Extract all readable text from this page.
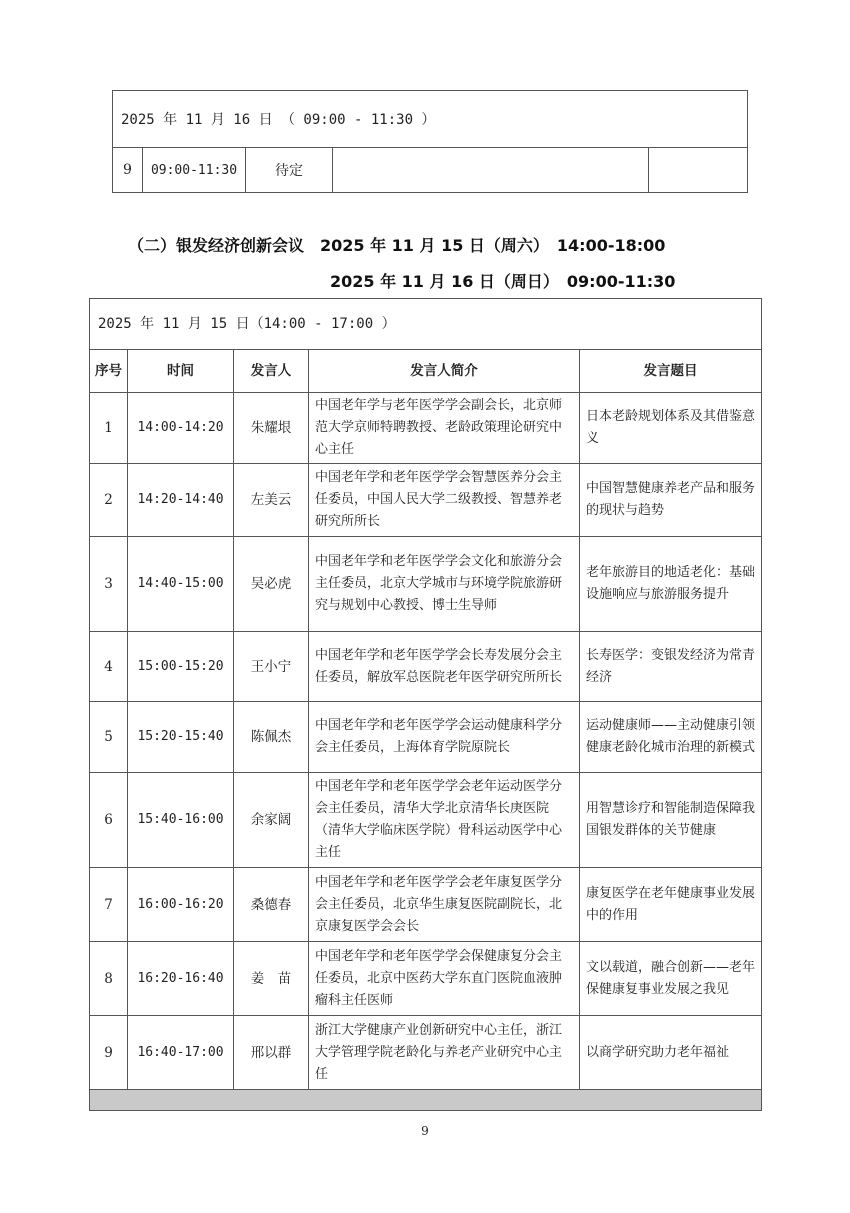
2025 年 11 月 16 日 （ 09:00 - 11:30 ）
9	09:00-11:30	待定		
（二）银发经济创新会议　2025 年 11 月 15 日（周六）　14:00-18:00
2025 年 11 月 16 日（周日）　09:00-11:30
2025 年 11 月 15 日（14:00 - 17:00 ）				
序号	时间	发言人	发言人简介	发言题目
1	14:00-14:20	朱耀垠	中国老年学与老年医学学会副会长，北京师范大学京师特聘教授、老龄政策理论研究中心主任	日本老龄规划体系及其借鉴意义
2	14:20-14:40	左美云	中国老年学和老年医学学会智慧医养分会主任委员，中国人民大学二级教授、智慧养老研究所所长	中国智慧健康养老产品和服务的现状与趋势
3	14:40-15:00	吴必虎	中国老年学和老年医学学会文化和旅游分会主任委员，北京大学城市与环境学院旅游研究与规划中心教授、博士生导师	老年旅游目的地适老化：基础设施响应与旅游服务提升
4	15:00-15:20	王小宁	中国老年学和老年医学学会长寿发展分会主任委员，解放军总医院老年医学研究所所长	长寿医学：变银发经济为常青经济
5	15:20-15:40	陈佩杰	中国老年学和老年医学学会运动健康科学分会主任委员，上海体育学院原院长	运动健康师——主动健康引领健康老龄化城市治理的新模式
6	15:40-16:00	余家阔	中国老年学和老年医学学会老年运动医学分会主任委员，清华大学北京清华长庚医院（清华大学临床医学院）骨科运动医学中心主任	用智慧诊疗和智能制造保障我国银发群体的关节健康
7	16:00-16:20	桑德春	中国老年学和老年医学学会老年康复医学分会主任委员，北京华生康复医院副院长，北京康复医学会会长	康复医学在老年健康事业发展中的作用
8	16:20-16:40	姜　苗	中国老年学和老年医学学会保健康复分会主任委员，北京中医药大学东直门医院血液肿瘤科主任医师	文以载道，融合创新——老年保健康复事业发展之我见
9	16:40-17:00	邢以群	浙江大学健康产业创新研究中心主任，浙江大学管理学院老龄化与养老产业研究中心主任	以商学研究助力老年福祉

9
